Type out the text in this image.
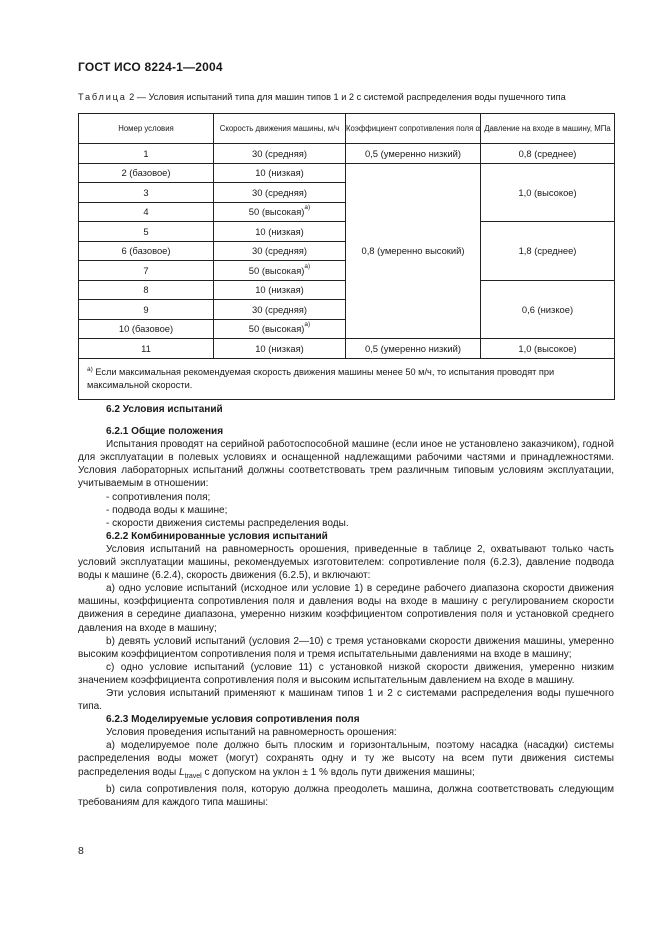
ГОСТ ИСО 8224-1—2004
Таблица 2 — Условия испытаний типа для машин типов 1 и 2 с системой распределения воды пушечного типа
Номер условия	Скорость движения машины, м/ч	Коэффициент сопротивления поля α	Давление на входе в машину, МПа
1	30 (средняя)	0,5 (умеренно низкий)	0,8 (среднее)
2 (базовое)	10 (низкая)	0,8 (умеренно высокий)	1,0 (высокое)
3	30 (средняя)		
4	50 (высокая)$^{a)}$
5	10 (низкая)		1,8 (среднее)
6 (базовое)	30 (средняя)		
7	50 (высокая)$^{a)}$
8	10 (низкая)		0,6 (низкое)
9	30 (средняя)		
10 (базовое)	50 (высокая)$^{a)}$
11	10 (низкая)	0,5 (умеренно низкий)	1,0 (высокое)
$^{a)}$ Если максимальная рекомендуемая скорость движения машины менее 50 м/ч, то испытания проводят при максимальной скорости.			

6.2 Условия испытаний

6.2.1 Общие положения

Испытания проводят на серийной работоспособной машине (если иное не установлено заказчиком), годной для эксплуатации в полевых условиях и оснащенной надлежащими рабочими частями и принадлежностями. Условия лабораторных испытаний должны соответствовать трем различным типовым условиям эксплуатации, учитываемым в отношении:

- сопротивления поля;

- подвода воды к машине;

- скорости движения системы распределения воды.

6.2.2 Комбинированные условия испытаний

Условия испытаний на равномерность орошения, приведенные в таблице 2, охватывают только часть условий эксплуатации машины, рекомендуемых изготовителем: сопротивление поля (6.2.3), давление подвода воды к машине (6.2.4), скорость движения (6.2.5), и включают:

a) одно условие испытаний (исходное или условие 1) в середине рабочего диапазона скорости движения машины, коэффициента сопротивления поля и давления воды на входе в машину с регулированием скорости движения в середине диапазона, умеренно низким коэффициентом сопротивления поля и установкой среднего давления на входе в машину;

b) девять условий испытаний (условия 2—10) с тремя установками скорости движения машины, умеренно высоким коэффициентом сопротивления поля и тремя испытательными давлениями на входе в машину;

c) одно условие испытаний (условие 11) с установкой низкой скорости движения, умеренно низким значением коэффициента сопротивления поля и высоким испытательным давлением на входе в машину.

Эти условия испытаний применяют к машинам типов 1 и 2 с системами распределения воды пушечного типа.

6.2.3 Моделируемые условия сопротивления поля

Условия проведения испытаний на равномерность орошения:

a) моделируемое поле должно быть плоским и горизонтальным, поэтому насадка (насадки) системы распределения воды может (могут) сохранять одну и ту же высоту на всем пути движения системы распределения воды $L_{travel}$ с допуском на уклон ± 1 % вдоль пути движения машины;

b) сила сопротивления поля, которую должна преодолеть машина, должна соответствовать следующим требованиям для каждого типа машины:

8
